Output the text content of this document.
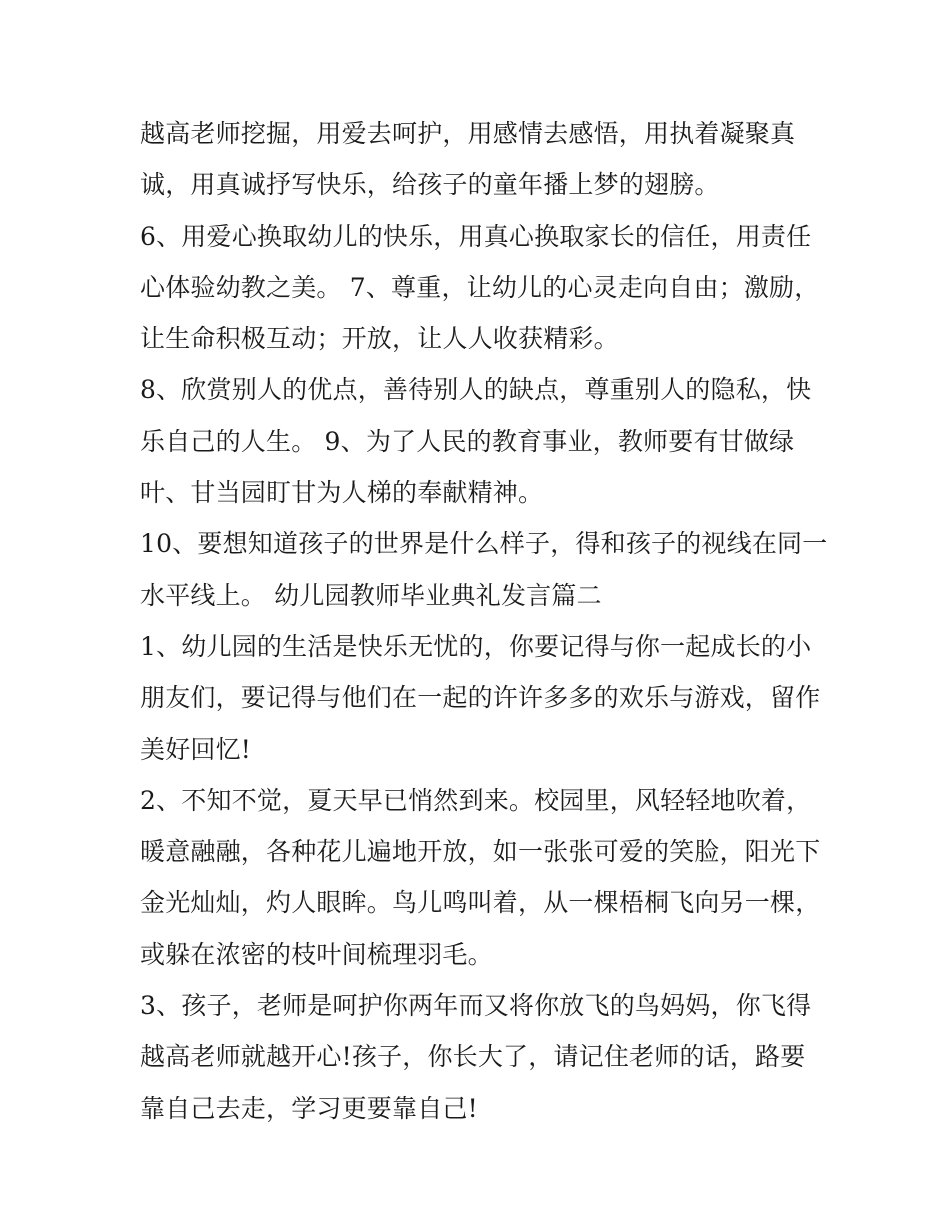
越高老师挖掘，用爱去呵护，用感情去感悟，用执着凝聚真
诚，用真诚抒写快乐，给孩子的童年播上梦的翅膀。
6、用爱心换取幼儿的快乐，用真心换取家长的信任，用责任
心体验幼教之美。 7、尊重，让幼儿的心灵走向自由；激励，
让生命积极互动；开放，让人人收获精彩。
8、欣赏别人的优点，善待别人的缺点，尊重别人的隐私，快
乐自己的人生。 9、为了人民的教育事业，教师要有甘做绿
叶、甘当园盯甘为人梯的奉献精神。
10、要想知道孩子的世界是什么样子，得和孩子的视线在同一
水平线上。 幼儿园教师毕业典礼发言篇二
1、幼儿园的生活是快乐无忧的，你要记得与你一起成长的小
朋友们，要记得与他们在一起的许许多多的欢乐与游戏，留作
美好回忆!
2、不知不觉，夏天早已悄然到来。校园里，风轻轻地吹着，
暖意融融，各种花儿遍地开放，如一张张可爱的笑脸，阳光下
金光灿灿，灼人眼眸。鸟儿鸣叫着，从一棵梧桐飞向另一棵，
或躲在浓密的枝叶间梳理羽毛。
3、孩子，老师是呵护你两年而又将你放飞的鸟妈妈，你飞得
越高老师就越开心!孩子，你长大了，请记住老师的话，路要
靠自己去走，学习更要靠自己!
